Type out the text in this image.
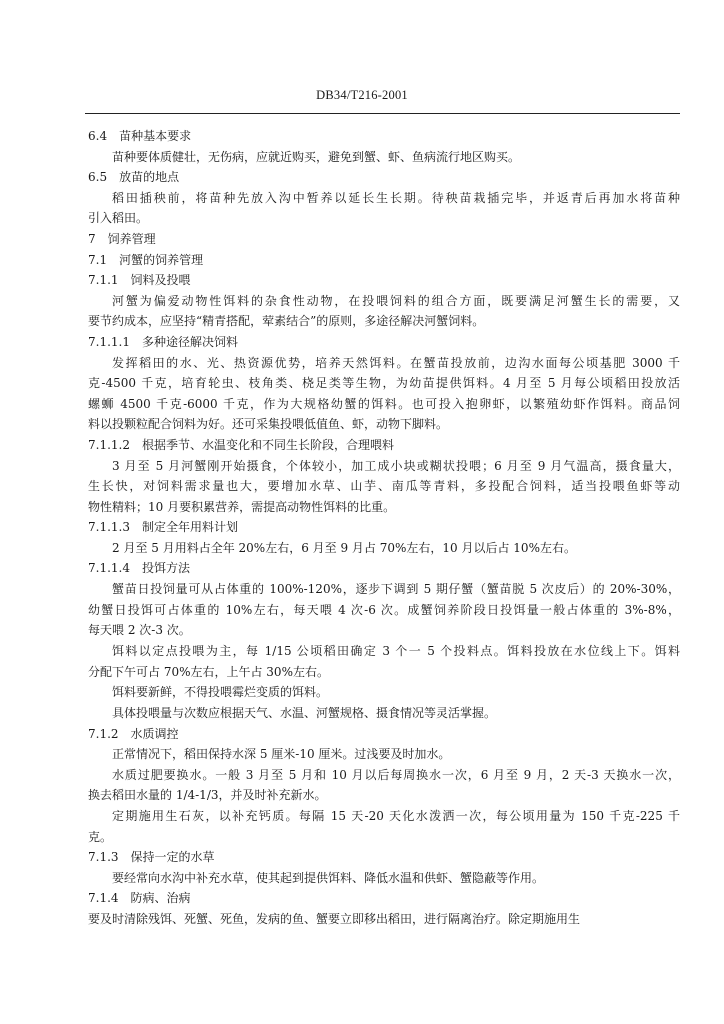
DB34/T216-2001
6.4　苗种基本要求
苗种要体质健壮，无伤病，应就近购买，避免到蟹、虾、鱼病流行地区购买。
6.5　放苗的地点
稻田插秧前，将苗种先放入沟中暂养以延长生长期。待秧苗栽插完毕，并返青后再加水将苗种
引入稻田。
7　饲养管理
7.1　河蟹的饲养管理
7.1.1　饲料及投喂
河蟹为偏爱动物性饵料的杂食性动物，在投喂饲料的组合方面，既要满足河蟹生长的需要，又
要节约成本，应坚持“精青搭配，荤素结合”的原则，多途径解决河蟹饲料。
7.1.1.1　多种途径解决饲料
发挥稻田的水、光、热资源优势，培养天然饵料。在蟹苗投放前，边沟水面每公顷基肥 3000 千
克-4500 千克，培育轮虫、枝角类、桡足类等生物，为幼苗提供饵料。4 月至 5 月每公顷稻田投放活
螺蛳 4500 千克-6000 千克，作为大规格幼蟹的饵料。也可投入抱卵虾，以繁殖幼虾作饵料。商品饲
料以投颗粒配合饲料为好。还可采集投喂低值鱼、虾，动物下脚料。
7.1.1.2　根据季节、水温变化和不同生长阶段，合理喂料
3 月至 5 月河蟹刚开始摄食，个体较小，加工成小块或糊状投喂；6 月至 9 月气温高，摄食量大，
生长快，对饲料需求量也大，要增加水草、山芋、南瓜等青料，多投配合饲料，适当投喂鱼虾等动
物性精料；10 月要积累营养，需提高动物性饵料的比重。
7.1.1.3　制定全年用料计划
2 月至 5 月用料占全年 20%左右，6 月至 9 月占 70%左右，10 月以后占 10%左右。
7.1.1.4　投饵方法
蟹苗日投饲量可从占体重的 100%-120%，逐步下调到 5 期仔蟹（蟹苗脱 5 次皮后）的 20%-30%，
幼蟹日投饵可占体重的 10%左右，每天喂 4 次-6 次。成蟹饲养阶段日投饵量一般占体重的 3%-8%，
每天喂 2 次-3 次。
饵料以定点投喂为主，每 1/15 公顷稻田确定 3 个一 5 个投料点。饵料投放在水位线上下。饵料
分配下午可占 70%左右，上午占 30%左右。
饵料要新鲜，不得投喂霉烂变质的饵料。
具体投喂量与次数应根据天气、水温、河蟹规格、摄食情况等灵活掌握。
7.1.2　水质调控
正常情况下，稻田保持水深 5 厘米-10 厘米。过浅要及时加水。
水质过肥要换水。一般 3 月至 5 月和 10 月以后每周换水一次，6 月至 9 月，2 天-3 天换水一次，
换去稻田水量的 1/4-1/3，并及时补充新水。
定期施用生石灰，以补充钙质。每隔 15 天-20 天化水泼洒一次，每公顷用量为 150 千克-225 千
克。
7.1.3　保持一定的水草
要经常向水沟中补充水草，使其起到提供饵料、降低水温和供虾、蟹隐蔽等作用。
7.1.4　防病、治病
要及时清除残饵、死蟹、死鱼，发病的鱼、蟹要立即移出稻田，进行隔离治疗。除定期施用生
